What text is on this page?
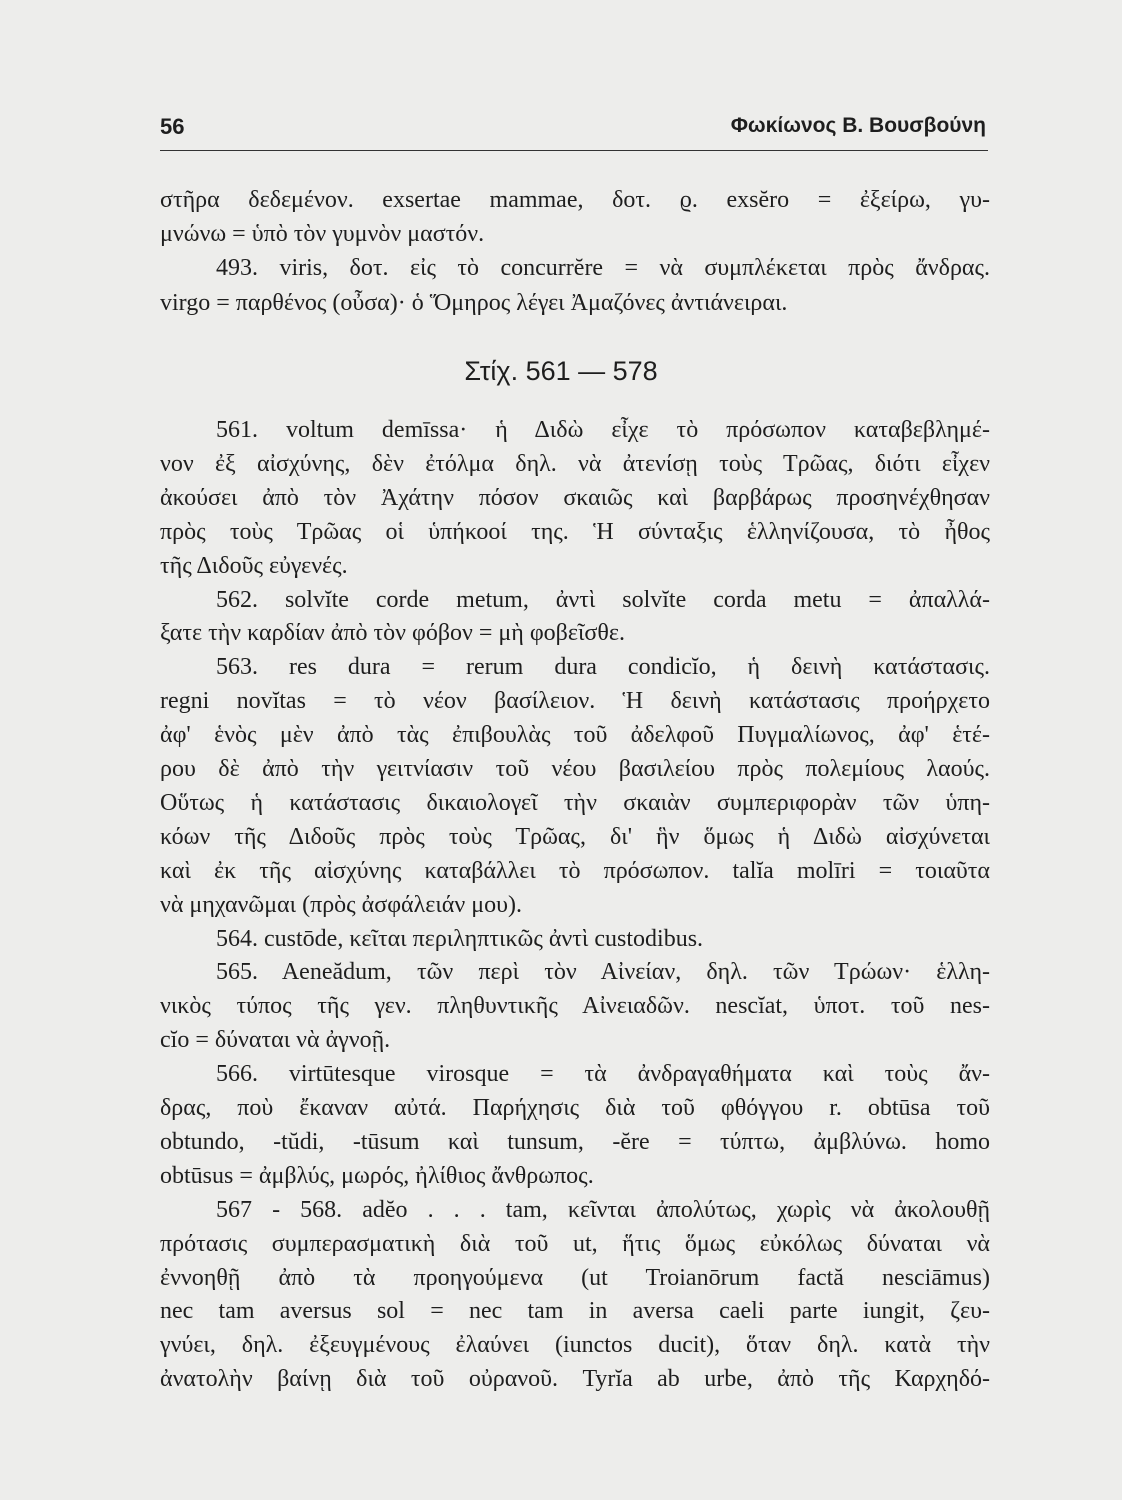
56	Φωκίωνος Β. Βουσβούνη
Στίχ. 561 — 578
στῆρα δεδεμένον. exsertae mammae, δοτ. ϱ. exsĕro = ἐξείρω, γυ-
μνώνω = ὑπὸ τὸν γυμνὸν μαστόν.
493. viris, δοτ. εἰς τὸ concurrĕre = νὰ συμπλέκεται πρὸς ἄνδρας.
virgo = παρθένος (οὖσα)· ὁ Ὅμηρος λέγει Ἀμαζόνες ἀντιάνειραι.
561. voltum demīssa· ἡ Διδὼ εἶχε τὸ πρόσωπον καταβεβλημέ-
νον ἐξ αἰσχύνης, δὲν ἐτόλμα δηλ. νὰ ἀτενίσῃ τοὺς Τρῶας, διότι εἶχεν
ἀκούσει ἀπὸ τὸν Ἀχάτην πόσον σκαιῶς καὶ βαρβάρως προσηνέχθησαν
πρὸς τοὺς Τρῶας οἱ ὑπήκοοί της. Ἡ σύνταξις ἑλληνίζουσα, τὸ ἦθος
τῆς Διδοῦς εὐγενές.
562. solvĭte corde metum, ἀντὶ solvĭte corda metu = ἀπαλλά-
ξατε τὴν καρδίαν ἀπὸ τὸν φόβον = μὴ φοβεῖσθε.
563. res dura = rerum dura condicĭo, ἡ δεινὴ κατάστασις.
regni novĭtas = τὸ νέον βασίλειον. Ἡ δεινὴ κατάστασις προήρχετο
ἀφ' ἑνὸς μὲν ἀπὸ τὰς ἐπιβουλὰς τοῦ ἀδελφοῦ Πυγμαλίωνος, ἀφ' ἑτέ-
ρου δὲ ἀπὸ τὴν γειτνίασιν τοῦ νέου βασιλείου πρὸς πολεμίους λαούς.
Οὕτως ἡ κατάστασις δικαιολογεῖ τὴν σκαιὰν συμπεριφορὰν τῶν ὑπη-
κόων τῆς Διδοῦς πρὸς τοὺς Τρῶας, δι' ἣν ὅμως ἡ Διδὼ αἰσχύνεται
καὶ ἐκ τῆς αἰσχύνης καταβάλλει τὸ πρόσωπον. talĭa molīri = τοιαῦτα
νὰ μηχανῶμαι (πρὸς ἀσφάλειάν μου).
564. custōde, κεῖται περιληπτικῶς ἀντὶ custodibus.
565. Aeneădum, τῶν περὶ τὸν Αἰνείαν, δηλ. τῶν Τρώων· ἑλλη-
νικὸς τύπος τῆς γεν. πληθυντικῆς Αἰνειαδῶν. nescĭat, ὑποτ. τοῦ nes-
cĭo = δύναται νὰ ἀγνοῇ.
566. virtūtesque virosque = τὰ ἀνδραγαθήματα καὶ τοὺς ἄν-
δρας, ποὺ ἔκαναν αὐτά. Παρήχησις διὰ τοῦ φθόγγου r. obtūsa τοῦ
obtundo, -tŭdi, -tūsum καὶ tunsum, -ĕre = τύπτω, ἀμβλύνω. homo
obtūsus = ἀμβλύς, μωρός, ἠλίθιος ἄνθρωπος.
567 - 568. adĕo . . . tam, κεῖνται ἀπολύτως, χωρὶς νὰ ἀκολουθῇ
πρότασις συμπερασματικὴ διὰ τοῦ ut, ἥτις ὅμως εὐκόλως δύναται νὰ
ἐννοηθῇ ἀπὸ τὰ προηγούμενα (ut Troianōrum factă nesciāmus)
nec tam aversus sol = nec tam in aversa caeli parte iungit, ζευ-
γνύει, δηλ. ἐξευγμένους ἐλαύνει (iunctos ducit), ὅταν δηλ. κατὰ τὴν
ἀνατολὴν βαίνῃ διὰ τοῦ οὐρανοῦ. Tyrĭa ab urbe, ἀπὸ τῆς Καρχηδό-
